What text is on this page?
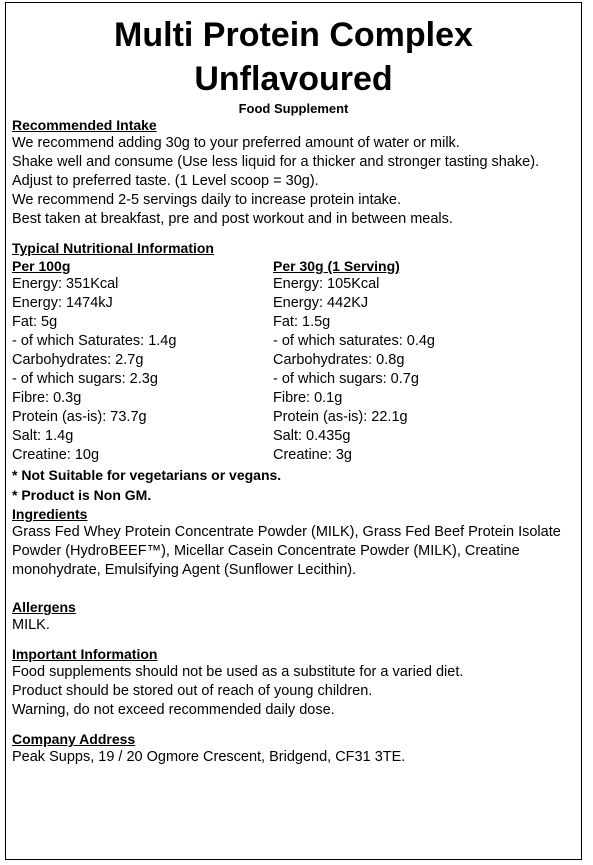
Multi Protein Complex
Unflavoured
Food Supplement
Recommended Intake
We recommend adding 30g to your preferred amount of water or milk.
Shake well and consume (Use less liquid for a thicker and stronger tasting shake). Adjust to preferred taste. (1 Level scoop = 30g).
We recommend 2-5 servings daily to increase protein intake.
Best taken at breakfast, pre and post workout and in between meals.
Typical Nutritional Information
Per 100g
Energy: 351Kcal
Energy: 1474kJ
Fat: 5g
- of which Saturates: 1.4g
Carbohydrates: 2.7g
- of which sugars: 2.3g
Fibre: 0.3g
Protein (as-is): 73.7g
Salt: 1.4g
Creatine: 10g
Per 30g (1 Serving)
Energy: 105Kcal
Energy: 442KJ
Fat: 1.5g
- of which saturates: 0.4g
Carbohydrates: 0.8g
- of which sugars: 0.7g
Fibre: 0.1g
Protein (as-is): 22.1g
Salt: 0.435g
Creatine: 3g
* Not Suitable for vegetarians or vegans.
* Product is Non GM.
Ingredients
Grass Fed Whey Protein Concentrate Powder (MILK), Grass Fed Beef Protein Isolate Powder (HydroBEEF™), Micellar Casein Concentrate Powder (MILK), Creatine monohydrate, Emulsifying Agent (Sunflower Lecithin).
Allergens
MILK.
Important Information
Food supplements should not be used as a substitute for a varied diet.
Product should be stored out of reach of young children.
Warning, do not exceed recommended daily dose.
Company Address
Peak Supps, 19 / 20 Ogmore Crescent, Bridgend, CF31 3TE.
